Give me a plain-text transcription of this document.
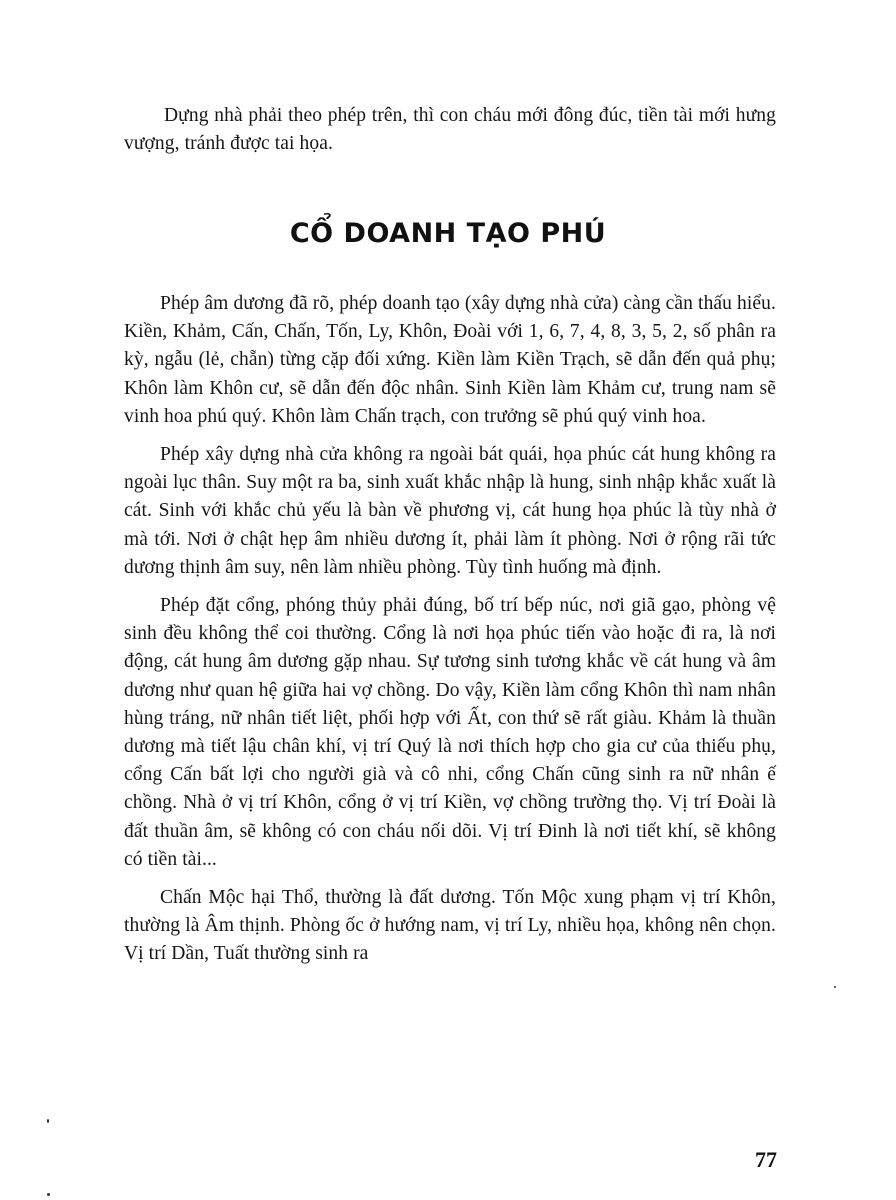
Dựng nhà phải theo phép trên, thì con cháu mới đông đúc, tiền tài mới hưng vượng, tránh được tai họa.

CỔ DOANH TẠO PHÚ

Phép âm dương đã rõ, phép doanh tạo (xây dựng nhà cửa) càng cần thấu hiểu. Kiền, Khảm, Cấn, Chấn, Tốn, Ly, Khôn, Đoài với 1, 6, 7, 4, 8, 3, 5, 2, số phân ra kỳ, ngẫu (lẻ, chẵn) từng cặp đối xứng. Kiền làm Kiền Trạch, sẽ dẫn đến quả phụ; Khôn làm Khôn cư, sẽ dẫn đến độc nhân. Sinh Kiền làm Khảm cư, trung nam sẽ vinh hoa phú quý. Khôn làm Chấn trạch, con trưởng sẽ phú quý vinh hoa.

Phép xây dựng nhà cửa không ra ngoài bát quái, họa phúc cát hung không ra ngoài lục thân. Suy một ra ba, sinh xuất khắc nhập là hung, sinh nhập khắc xuất là cát. Sinh với khắc chủ yếu là bàn về phương vị, cát hung họa phúc là tùy nhà ở mà tới. Nơi ở chật hẹp âm nhiều dương ít, phải làm ít phòng. Nơi ở rộng rãi tức dương thịnh âm suy, nên làm nhiều phòng. Tùy tình huống mà định.

Phép đặt cổng, phóng thủy phải đúng, bố trí bếp núc, nơi giã gạo, phòng vệ sinh đều không thể coi thường. Cổng là nơi họa phúc tiến vào hoặc đi ra, là nơi động, cát hung âm dương gặp nhau. Sự tương sinh tương khắc về cát hung và âm dương như quan hệ giữa hai vợ chồng. Do vậy, Kiền làm cổng Khôn thì nam nhân hùng tráng, nữ nhân tiết liệt, phối hợp với Ất, con thứ sẽ rất giàu. Khảm là thuần dương mà tiết lậu chân khí, vị trí Quý là nơi thích hợp cho gia cư của thiếu phụ, cổng Cấn bất lợi cho người già và cô nhi, cổng Chấn cũng sinh ra nữ nhân ế chồng. Nhà ở vị trí Khôn, cổng ở vị trí Kiền, vợ chồng trường thọ. Vị trí Đoài là đất thuần âm, sẽ không có con cháu nối dõi. Vị trí Đinh là nơi tiết khí, sẽ không có tiền tài...

Chấn Mộc hại Thổ, thường là đất dương. Tốn Mộc xung phạm vị trí Khôn, thường là Âm thịnh. Phòng ốc ở hướng nam, vị trí Ly, nhiều họa, không nên chọn. Vị trí Dần, Tuất thường sinh ra

77
